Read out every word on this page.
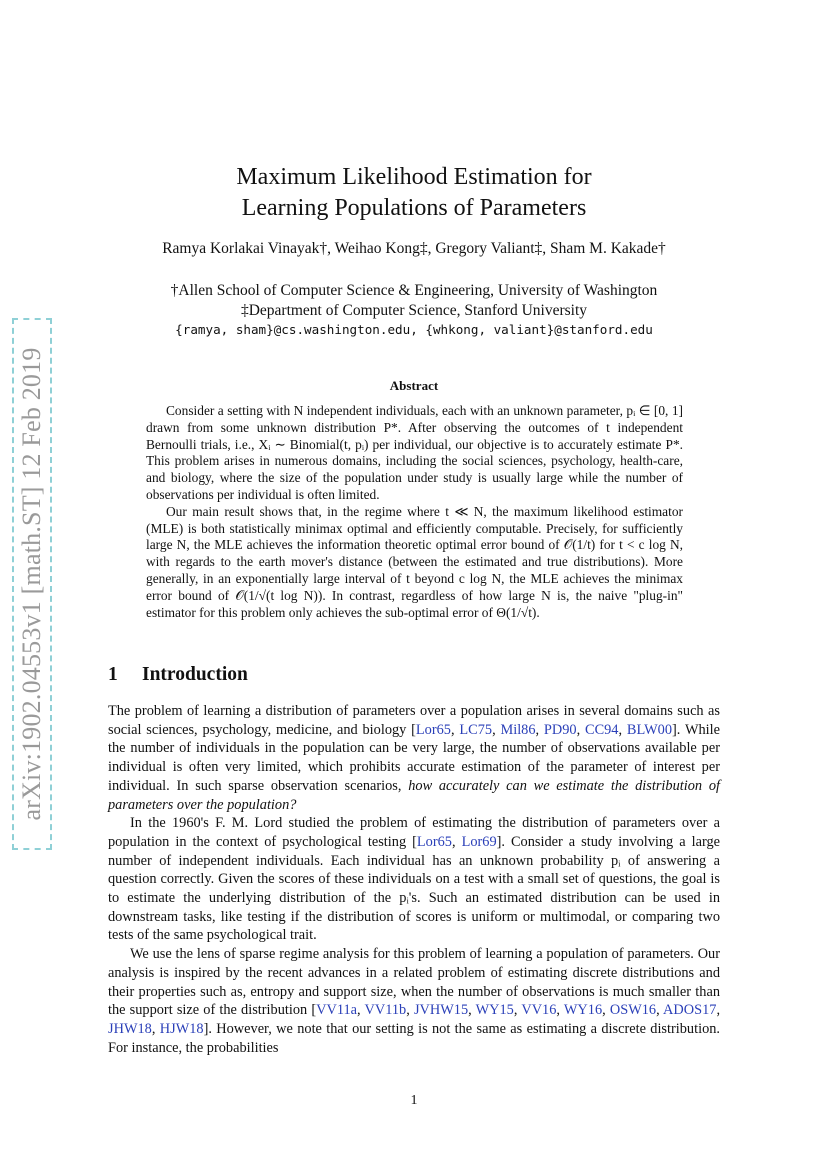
arXiv:1902.04553v1 [math.ST] 12 Feb 2019
Maximum Likelihood Estimation for
Learning Populations of Parameters
Ramya Korlakai Vinayak†, Weihao Kong‡, Gregory Valiant‡, Sham M. Kakade†
†Allen School of Computer Science & Engineering, University of Washington
‡Department of Computer Science, Stanford University
{ramya, sham}@cs.washington.edu, {whkong, valiant}@stanford.edu
Abstract

Consider a setting with N independent individuals, each with an unknown parameter, pᵢ ∈ [0, 1] drawn from some unknown distribution P*. After observing the outcomes of t independent Bernoulli trials, i.e., Xᵢ ∼ Binomial(t, pᵢ) per individual, our objective is to accurately estimate P*. This problem arises in numerous domains, including the social sciences, psychology, health-care, and biology, where the size of the population under study is usually large while the number of observations per individual is often limited.

Our main result shows that, in the regime where t ≪ N, the maximum likelihood estimator (MLE) is both statistically minimax optimal and efficiently computable. Precisely, for sufficiently large N, the MLE achieves the information theoretic optimal error bound of 𝒪(1/t) for t < c log N, with regards to the earth mover's distance (between the estimated and true distributions). More generally, in an exponentially large interval of t beyond c log N, the MLE achieves the minimax error bound of 𝒪(1/√(t log N)). In contrast, regardless of how large N is, the naive "plug-in" estimator for this problem only achieves the sub-optimal error of Θ(1/√t).

1 Introduction

The problem of learning a distribution of parameters over a population arises in several domains such as social sciences, psychology, medicine, and biology [Lor65, LC75, Mil86, PD90, CC94, BLW00]. While the number of individuals in the population can be very large, the number of observations available per individual is often very limited, which prohibits accurate estimation of the parameter of interest per individual. In such sparse observation scenarios, how accurately can we estimate the distribution of parameters over the population?

In the 1960's F. M. Lord studied the problem of estimating the distribution of parameters over a population in the context of psychological testing [Lor65, Lor69]. Consider a study involving a large number of independent individuals. Each individual has an unknown probability pᵢ of answering a question correctly. Given the scores of these individuals on a test with a small set of questions, the goal is to estimate the underlying distribution of the pᵢ's. Such an estimated distribution can be used in downstream tasks, like testing if the distribution of scores is uniform or multimodal, or comparing two tests of the same psychological trait.

We use the lens of sparse regime analysis for this problem of learning a population of parameters. Our analysis is inspired by the recent advances in a related problem of estimating discrete distributions and their properties such as, entropy and support size, when the number of observations is much smaller than the support size of the distribution [VV11a, VV11b, JVHW15, WY15, VV16, WY16, OSW16, ADOS17, JHW18, HJW18]. However, we note that our setting is not the same as estimating a discrete distribution. For instance, the probabilities

1
